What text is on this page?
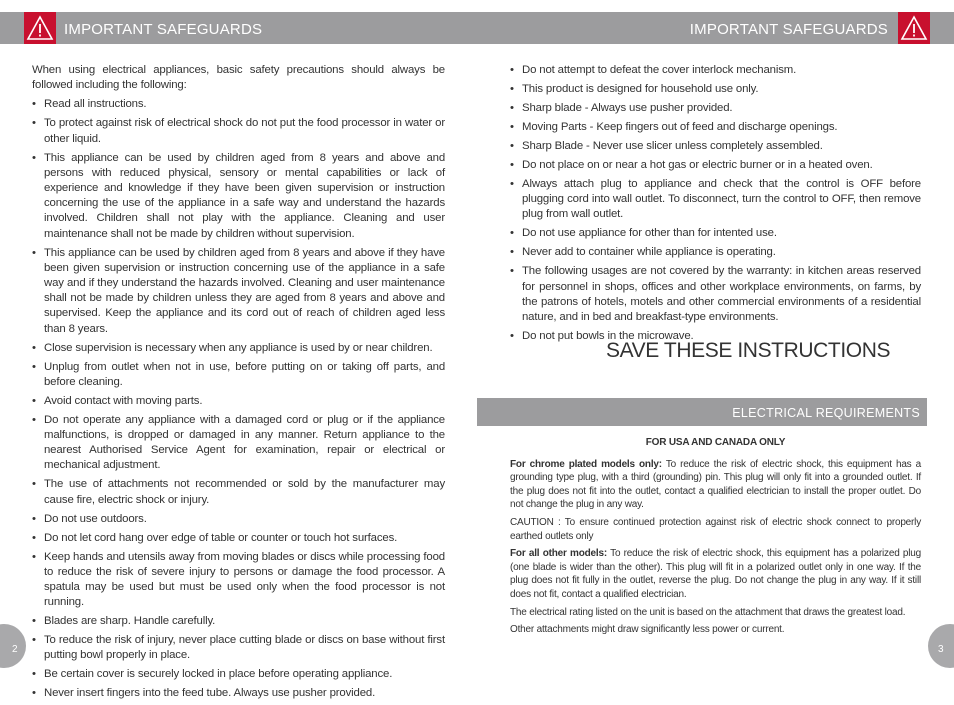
IMPORTANT SAFEGUARDS	IMPORTANT SAFEGUARDS

When using electrical appliances, basic safety precautions should always be followed including the following:

• Read all instructions.
• To protect against risk of electrical shock do not put the food processor in water or other liquid.
• This appliance can be used by children aged from 8 years and above and persons with reduced physical, sensory or mental capabilities or lack of experience and knowledge if they have been given supervision or instruction concerning the use of the appliance in a safe way and understand the hazards involved. Children shall not play with the appliance. Cleaning and user maintenance shall not be made by children without supervision.
• This appliance can be used by children aged from 8 years and above if they have been given supervision or instruction concerning use of the appliance in a safe way and if they understand the hazards involved. Cleaning and user maintenance shall not be made by children unless they are aged from 8 years and above and supervised. Keep the appliance and its cord out of reach of children aged less than 8 years.
• Close supervision is necessary when any appliance is used by or near children.
• Unplug from outlet when not in use, before putting on or taking off parts, and before cleaning.
• Avoid contact with moving parts.
• Do not operate any appliance with a damaged cord or plug or if the appliance malfunctions, is dropped or damaged in any manner. Return appliance to the nearest Authorised Service Agent for examination, repair or electrical or mechanical adjustment.
• The use of attachments not recommended or sold by the manufacturer may cause fire, electric shock or injury.
• Do not use outdoors.
• Do not let cord hang over edge of table or counter or touch hot surfaces.
• Keep hands and utensils away from moving blades or discs while processing food to reduce the risk of severe injury to persons or damage the food processor. A spatula may be used but must be used only when the food processor is not running.
• Blades are sharp. Handle carefully.
• To reduce the risk of injury, never place cutting blade or discs on base without first putting bowl properly in place.
• Be certain cover is securely locked in place before operating appliance.
• Never insert fingers into the feed tube. Always use pusher provided.
• Do not attempt to defeat the cover interlock mechanism.
• This product is designed for household use only.
• Sharp blade - Always use pusher provided.
• Moving Parts - Keep fingers out of feed and discharge openings.
• Sharp Blade - Never use slicer unless completely assembled.
• Do not place on or near a hot gas or electric burner or in a heated oven.
• Always attach plug to appliance and check that the control is OFF before plugging cord into wall outlet. To disconnect, turn the control to OFF, then remove plug from wall outlet.
• Do not use appliance for other than for intented use.
• Never add to container while appliance is operating.
• The following usages are not covered by the warranty: in kitchen areas reserved for personnel in shops, offices and other workplace environments, on farms, by the patrons of hotels, motels and other commercial environments of a residential nature, and in bed and breakfast-type environments.
• Do not put bowls in the microwave.
SAVE THESE INSTRUCTIONS
ELECTRICAL REQUIREMENTS

FOR USA AND CANADA ONLY

For chrome plated models only: To reduce the risk of electric shock, this equipment has a grounding type plug, with a third (grounding) pin. This plug will only fit into a grounded outlet. If the plug does not fit into the outlet, contact a qualified electrician to install the proper outlet. Do not change the plug in any way.

CAUTION : To ensure continued protection against risk of electric shock connect to properly earthed outlets only

For all other models: To reduce the risk of electric shock, this equipment has a polarized plug (one blade is wider than the other). This plug will fit in a polarized outlet only in one way. If the plug does not fit fully in the outlet, reverse the plug. Do not change the plug in any way. If it still does not fit, contact a qualified electrician.

The electrical rating listed on the unit is based on the attachment that draws the greatest load.

Other attachments might draw significantly less power or current.

2	3
